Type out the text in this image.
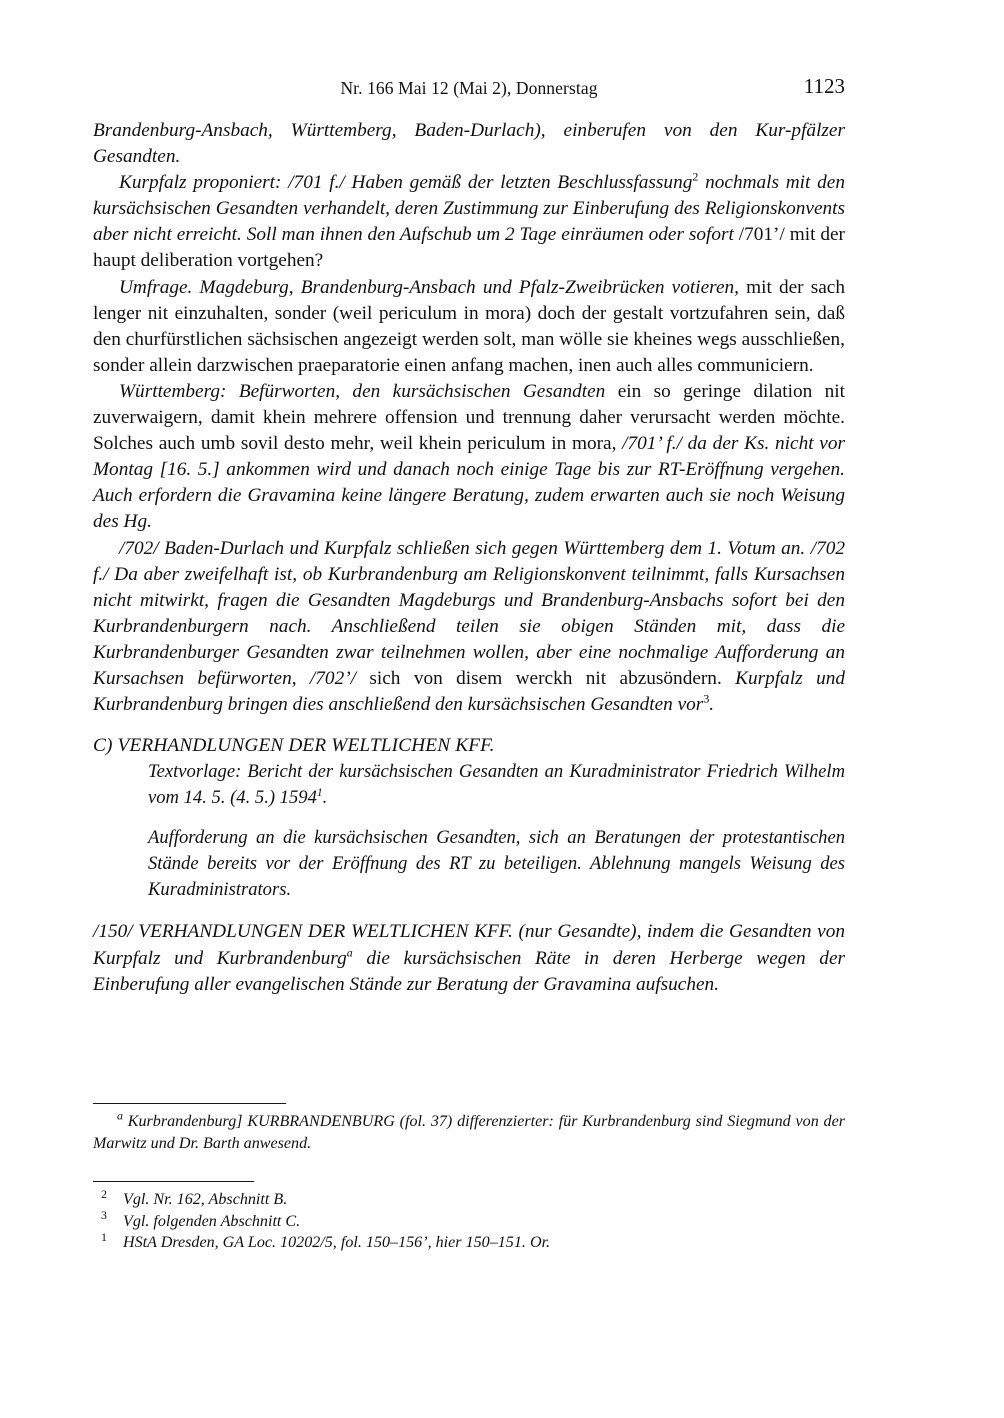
Nr. 166 Mai 12 (Mai 2), Donnerstag	1123

Brandenburg-Ansbach, Württemberg, Baden-Durlach), einberufen von den Kur-pfälzer Gesandten.

Kurpfalz proponiert: /701 f./ Haben gemäß der letzten Beschlussfassung$^2$ nochmals mit den kursächsischen Gesandten verhandelt, deren Zustimmung zur Einberufung des Religionskonvents aber nicht erreicht. Soll man ihnen den Aufschub um 2 Tage einräumen oder sofort /701’/ mit der haupt deliberation vortgehen?

Umfrage. Magdeburg, Brandenburg-Ansbach und Pfalz-Zweibrücken votieren, mit der sach lenger nit einzuhalten, sonder (weil periculum in mora) doch der gestalt vortzufahren sein, daß den churfürstlichen sächsischen angezeigt werden solt, man wölle sie kheines wegs ausschließen, sonder allein darzwischen praeparatorie einen anfang machen, inen auch alles communiciern.

Württemberg: Befürworten, den kursächsischen Gesandten ein so geringe dilation nit zuverwaigern, damit khein mehrere offension und trennung daher verursacht werden möchte. Solches auch umb sovil desto mehr, weil khein periculum in mora, /701’ f./ da der Ks. nicht vor Montag [16. 5.] ankommen wird und danach noch einige Tage bis zur RT-Eröffnung vergehen. Auch erfordern die Gravamina keine längere Beratung, zudem erwarten auch sie noch Weisung des Hg.

/702/ Baden-Durlach und Kurpfalz schließen sich gegen Württemberg dem 1. Votum an. /702 f./ Da aber zweifelhaft ist, ob Kurbrandenburg am Religionskonvent teilnimmt, falls Kursachsen nicht mitwirkt, fragen die Gesandten Magdeburgs und Brandenburg-Ansbachs sofort bei den Kurbrandenburgern nach. Anschließend teilen sie obigen Ständen mit, dass die Kurbrandenburger Gesandten zwar teilnehmen wollen, aber eine nochmalige Aufforderung an Kursachsen befürworten, /702’/ sich von disem werckh nit abzusöndern. Kurpfalz und Kurbrandenburg bringen dies anschließend den kursächsischen Gesandten vor$^3$.

C) VERHANDLUNGEN DER WELTLICHEN KFF.

Textvorlage: Bericht der kursächsischen Gesandten an Kuradministrator Friedrich Wilhelm vom 14. 5. (4. 5.) 1594$^1$.
Aufforderung an die kursächsischen Gesandten, sich an Beratungen der protestantischen Stände bereits vor der Eröffnung des RT zu beteiligen. Ablehnung mangels Weisung des Kuradministrators.

/150/ VERHANDLUNGEN DER WELTLICHEN KFF. (nur Gesandte), indem die Gesandten von Kurpfalz und Kurbrandenburg$^a$ die kursächsischen Räte in deren Herberge wegen der Einberufung aller evangelischen Stände zur Beratung der Gravamina aufsuchen.

$^a$ Kurbrandenburg] KURBRANDENBURG (fol. 37) differenzierter: für Kurbrandenburg sind Siegmund von der Marwitz und Dr. Barth anwesend.

2 Vgl. Nr. 162, Abschnitt B.

3 Vgl. folgenden Abschnitt C.

1 HStA Dresden, GA Loc. 10202/5, fol. 150–156’, hier 150–151. Or.
